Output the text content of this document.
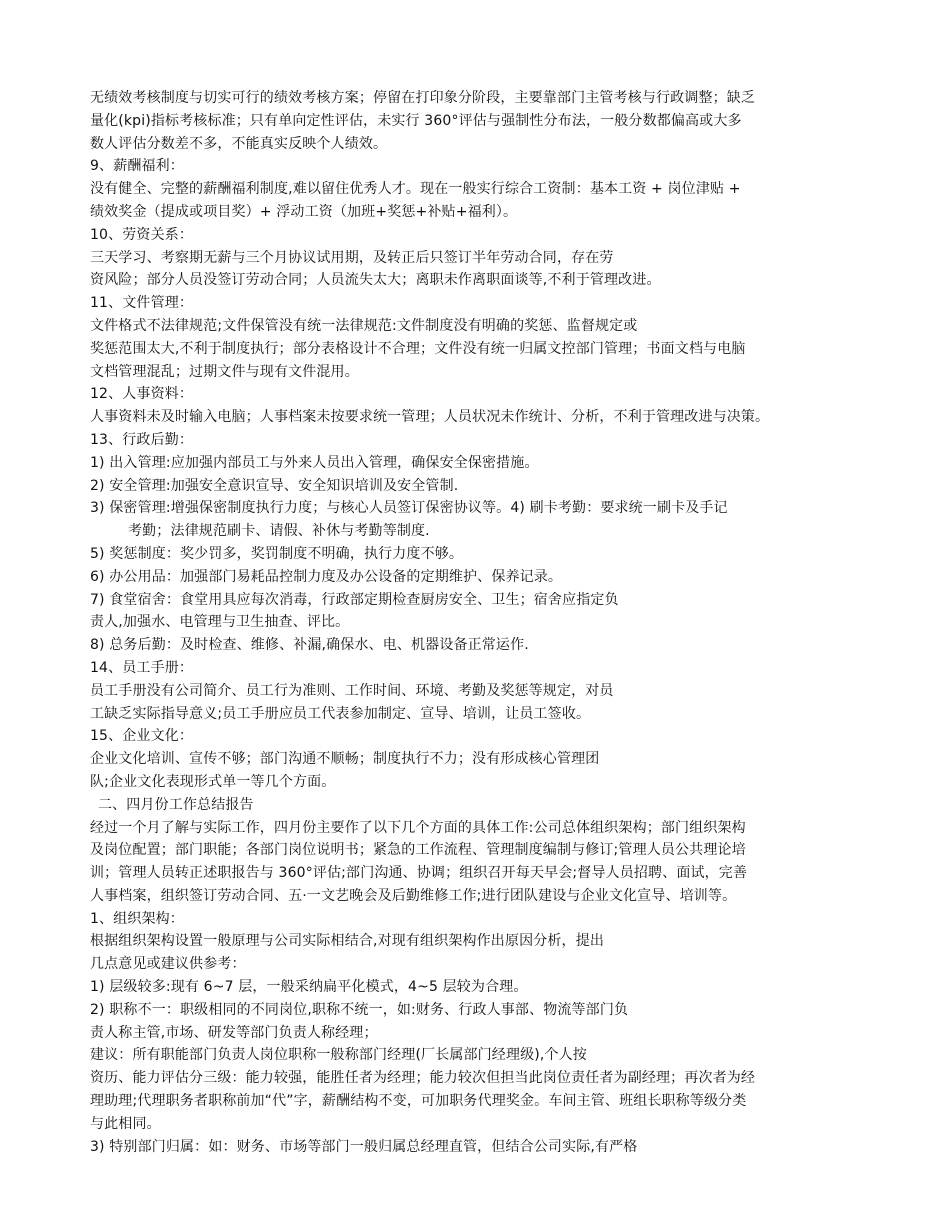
无绩效考核制度与切实可行的绩效考核方案；停留在打印象分阶段，主要靠部门主管考核与行政调整；缺乏
量化(kpi)指标考核标准；只有单向定性评估，未实行 360°评估与强制性分布法，一般分数都偏高或大多
数人评估分数差不多，不能真实反映个人绩效。
9、薪酬福利：
没有健全、完整的薪酬福利制度,难以留住优秀人才。现在一般实行综合工资制：基本工资 + 岗位津贴 +
绩效奖金（提成或项目奖）+ 浮动工资（加班+奖惩+补贴+福利）。
10、劳资关系：
三天学习、考察期无薪与三个月协议试用期，及转正后只签订半年劳动合同，存在劳
资风险；部分人员没签订劳动合同；人员流失太大；离职未作离职面谈等,不利于管理改进。
11、文件管理：
文件格式不法律规范;文件保管没有统一法律规范:文件制度没有明确的奖惩、监督规定或
奖惩范围太大,不利于制度执行；部分表格设计不合理；文件没有统一归属文控部门管理；书面文档与电脑
文档管理混乱；过期文件与现有文件混用。
12、人事资料：
人事资料未及时输入电脑；人事档案未按要求统一管理；人员状况未作统计、分析，不利于管理改进与决策。
13、行政后勤：
1) 出入管理:应加强内部员工与外来人员出入管理，确保安全保密措施。
2) 安全管理:加强安全意识宣导、安全知识培训及安全管制.
3) 保密管理:增强保密制度执行力度；与核心人员签订保密协议等。4) 刷卡考勤：要求统一刷卡及手记
考勤；法律规范刷卡、请假、补休与考勤等制度.
5) 奖惩制度：奖少罚多，奖罚制度不明确，执行力度不够。
6) 办公用品：加强部门易耗品控制力度及办公设备的定期维护、保养记录。
7) 食堂宿舍：食堂用具应每次消毒，行政部定期检查厨房安全、卫生；宿舍应指定负
责人,加强水、电管理与卫生抽查、评比。
8) 总务后勤：及时检查、维修、补漏,确保水、电、机器设备正常运作.
14、员工手册：
员工手册没有公司简介、员工行为准则、工作时间、环境、考勤及奖惩等规定，对员
工缺乏实际指导意义;员工手册应员工代表参加制定、宣导、培训，让员工签收。
15、企业文化：
企业文化培训、宣传不够；部门沟通不顺畅；制度执行不力；没有形成核心管理团
队;企业文化表现形式单一等几个方面。
二、四月份工作总结报告
经过一个月了解与实际工作，四月份主要作了以下几个方面的具体工作:公司总体组织架构；部门组织架构
及岗位配置；部门职能；各部门岗位说明书；紧急的工作流程、管理制度编制与修订;管理人员公共理论培
训；管理人员转正述职报告与 360°评估;部门沟通、协调；组织召开每天早会;督导人员招聘、面试，完善
人事档案，组织签订劳动合同、五·一文艺晚会及后勤维修工作;进行团队建设与企业文化宣导、培训等。
1、组织架构：
根据组织架构设置一般原理与公司实际相结合,对现有组织架构作出原因分析，提出
几点意见或建议供参考：
1) 层级较多:现有 6~7 层，一般采纳扁平化模式，4~5 层较为合理。
2) 职称不一：职级相同的不同岗位,职称不统一，如:财务、行政人事部、物流等部门负
责人称主管,市场、研发等部门负责人称经理；
建议：所有职能部门负责人岗位职称一般称部门经理(厂长属部门经理级),个人按
资历、能力评估分三级：能力较强，能胜任者为经理；能力较次但担当此岗位责任者为副经理；再次者为经
理助理;代理职务者职称前加“代”字，薪酬结构不变，可加职务代理奖金。车间主管、班组长职称等级分类
与此相同。
3) 特别部门归属：如：财务、市场等部门一般归属总经理直管，但结合公司实际,有严格
